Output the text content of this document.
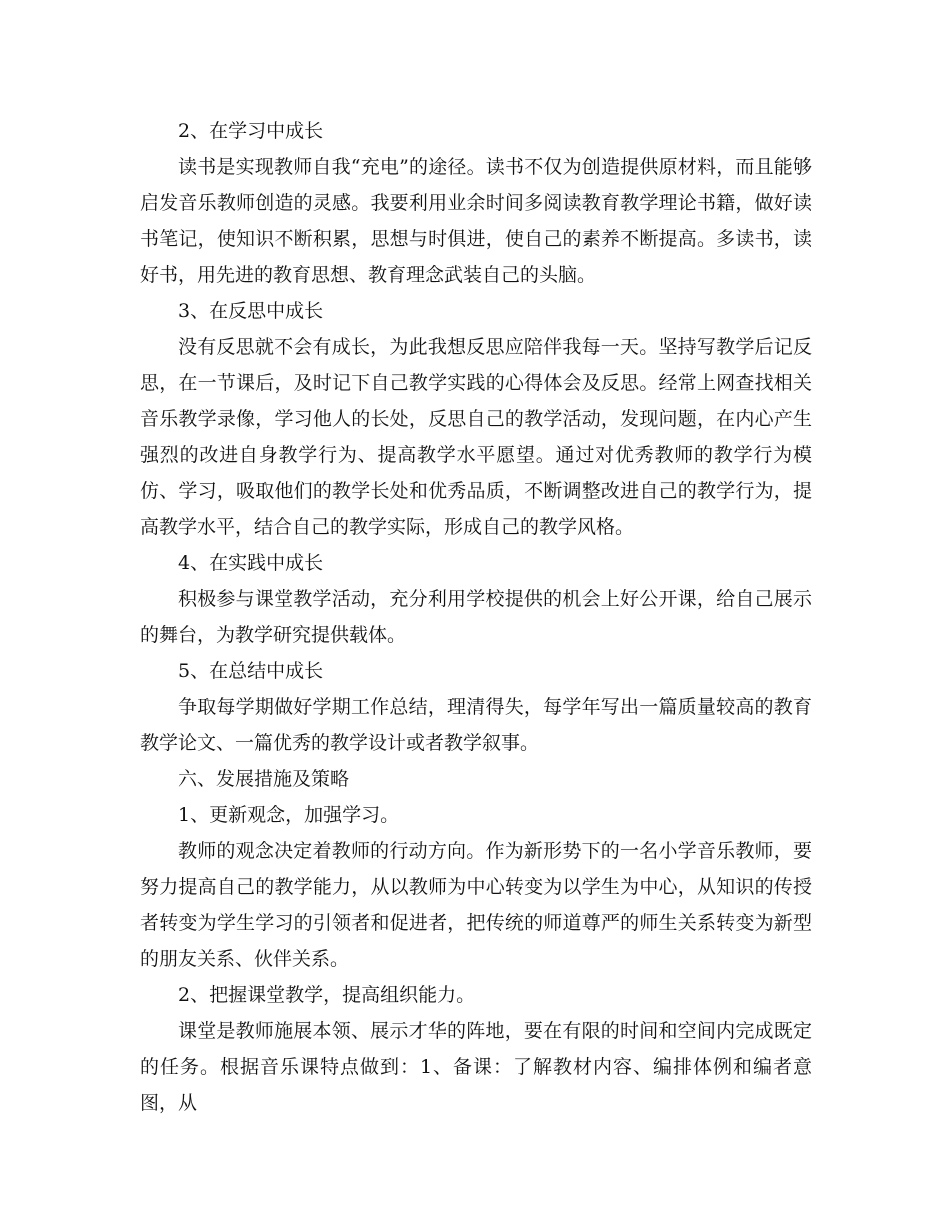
2、在学习中成长

读书是实现教师自我“充电”的途径。读书不仅为创造提供原材料，而且能够启发音乐教师创造的灵感。我要利用业余时间多阅读教育教学理论书籍，做好读书笔记，使知识不断积累，思想与时俱进，使自己的素养不断提高。多读书，读好书，用先进的教育思想、教育理念武装自己的头脑。

3、在反思中成长

没有反思就不会有成长，为此我想反思应陪伴我每一天。坚持写教学后记反思，在一节课后，及时记下自己教学实践的心得体会及反思。经常上网查找相关音乐教学录像，学习他人的长处，反思自己的教学活动，发现问题，在内心产生强烈的改进自身教学行为、提高教学水平愿望。通过对优秀教师的教学行为模仿、学习，吸取他们的教学长处和优秀品质，不断调整改进自己的教学行为，提高教学水平，结合自己的教学实际，形成自己的教学风格。

4、在实践中成长

积极参与课堂教学活动，充分利用学校提供的机会上好公开课，给自己展示的舞台，为教学研究提供载体。

5、在总结中成长

争取每学期做好学期工作总结，理清得失，每学年写出一篇质量较高的教育教学论文、一篇优秀的教学设计或者教学叙事。

六、发展措施及策略

1、更新观念，加强学习。

教师的观念决定着教师的行动方向。作为新形势下的一名小学音乐教师，要努力提高自己的教学能力，从以教师为中心转变为以学生为中心，从知识的传授者转变为学生学习的引领者和促进者，把传统的师道尊严的师生关系转变为新型的朋友关系、伙伴关系。

2、把握课堂教学，提高组织能力。

课堂是教师施展本领、展示才华的阵地，要在有限的时间和空间内完成既定的任务。根据音乐课特点做到：1、备课：了解教材内容、编排体例和编者意图，从
